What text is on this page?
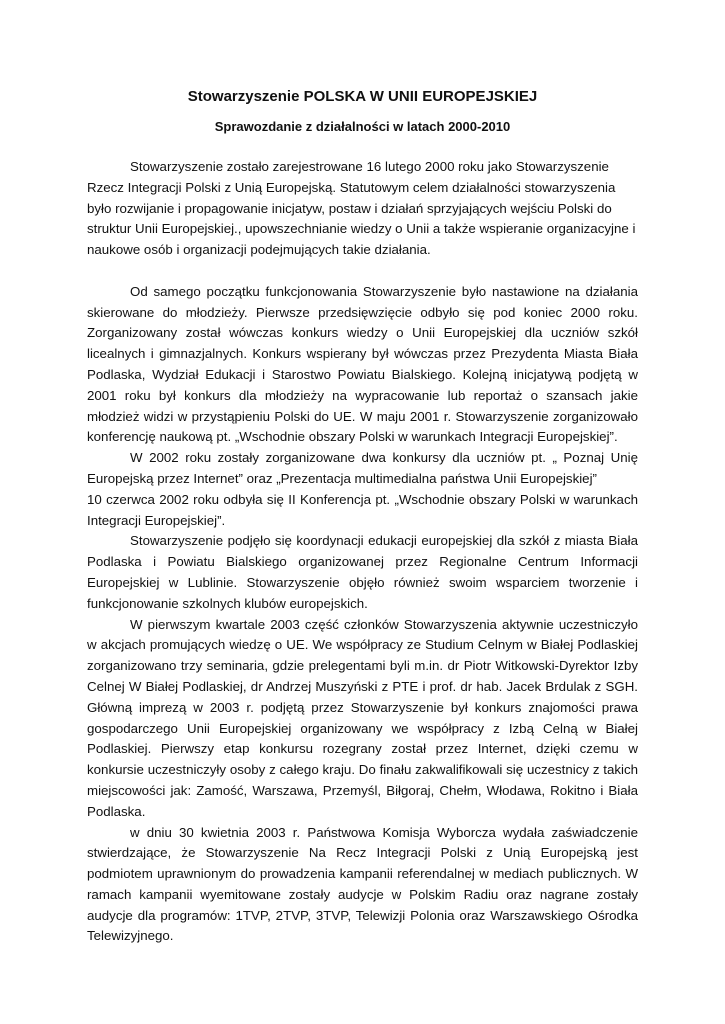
Stowarzyszenie POLSKA W UNII EUROPEJSKIEJ
Sprawozdanie z działalności w latach 2000-2010

Stowarzyszenie zostało zarejestrowane 16 lutego 2000 roku jako Stowarzyszenie Rzecz Integracji Polski z Unią Europejską. Statutowym celem działalności stowarzyszenia było rozwijanie i propagowanie inicjatyw, postaw i działań sprzyjających wejściu Polski do struktur Unii Europejskiej., upowszechnianie wiedzy o Unii a także wspieranie organizacyjne i naukowe osób i organizacji podejmujących takie działania.

Od samego początku funkcjonowania Stowarzyszenie było nastawione na działania skierowane do młodzieży. Pierwsze przedsięwzięcie odbyło się pod koniec 2000 roku. Zorganizowany został wówczas konkurs wiedzy o Unii Europejskiej dla uczniów szkół licealnych i gimnazjalnych. Konkurs wspierany był wówczas przez Prezydenta Miasta Biała Podlaska, Wydział Edukacji i Starostwo Powiatu Bialskiego. Kolejną inicjatywą podjętą w 2001 roku był konkurs dla młodzieży na wypracowanie lub reportaż o szansach jakie młodzież widzi w przystąpieniu Polski do UE. W maju 2001 r. Stowarzyszenie zorganizowało konferencję naukową pt. „Wschodnie obszary Polski w warunkach Integracji Europejskiej”.

W 2002 roku zostały zorganizowane dwa konkursy dla uczniów pt. „ Poznaj Unię Europejską przez Internet” oraz „Prezentacja multimedialna państwa Unii Europejskiej”

10 czerwca 2002 roku odbyła się II Konferencja pt. „Wschodnie obszary Polski w warunkach Integracji Europejskiej”.

Stowarzyszenie podjęło się koordynacji edukacji europejskiej dla szkół z miasta Biała Podlaska i Powiatu Bialskiego organizowanej przez Regionalne Centrum Informacji Europejskiej w Lublinie. Stowarzyszenie objęło również swoim wsparciem tworzenie i funkcjonowanie szkolnych klubów europejskich.

W pierwszym kwartale 2003 część członków Stowarzyszenia aktywnie uczestniczyło w akcjach promujących wiedzę o UE. We współpracy ze Studium Celnym w Białej Podlaskiej zorganizowano trzy seminaria, gdzie prelegentami byli m.in. dr Piotr Witkowski-Dyrektor Izby Celnej W Białej Podlaskiej, dr Andrzej Muszyński z PTE i prof. dr hab. Jacek Brdulak z SGH. Główną imprezą w 2003 r. podjętą przez Stowarzyszenie był konkurs znajomości prawa gospodarczego Unii Europejskiej organizowany we współpracy z Izbą Celną w Białej Podlaskiej. Pierwszy etap konkursu rozegrany został przez Internet, dzięki czemu w konkursie uczestniczyły osoby z całego kraju. Do finału zakwalifikowali się uczestnicy z takich miejscowości jak: Zamość, Warszawa, Przemyśl, Biłgoraj, Chełm, Włodawa, Rokitno i Biała Podlaska.

w dniu 30 kwietnia 2003 r. Państwowa Komisja Wyborcza wydała zaświadczenie stwierdzające, że Stowarzyszenie Na Recz Integracji Polski z Unią Europejską jest podmiotem uprawnionym do prowadzenia kampanii referendalnej w mediach publicznych. W ramach kampanii wyemitowane zostały audycje w Polskim Radiu oraz nagrane zostały audycje dla programów: 1TVP, 2TVP, 3TVP, Telewizji Polonia oraz Warszawskiego Ośrodka Telewizyjnego.
